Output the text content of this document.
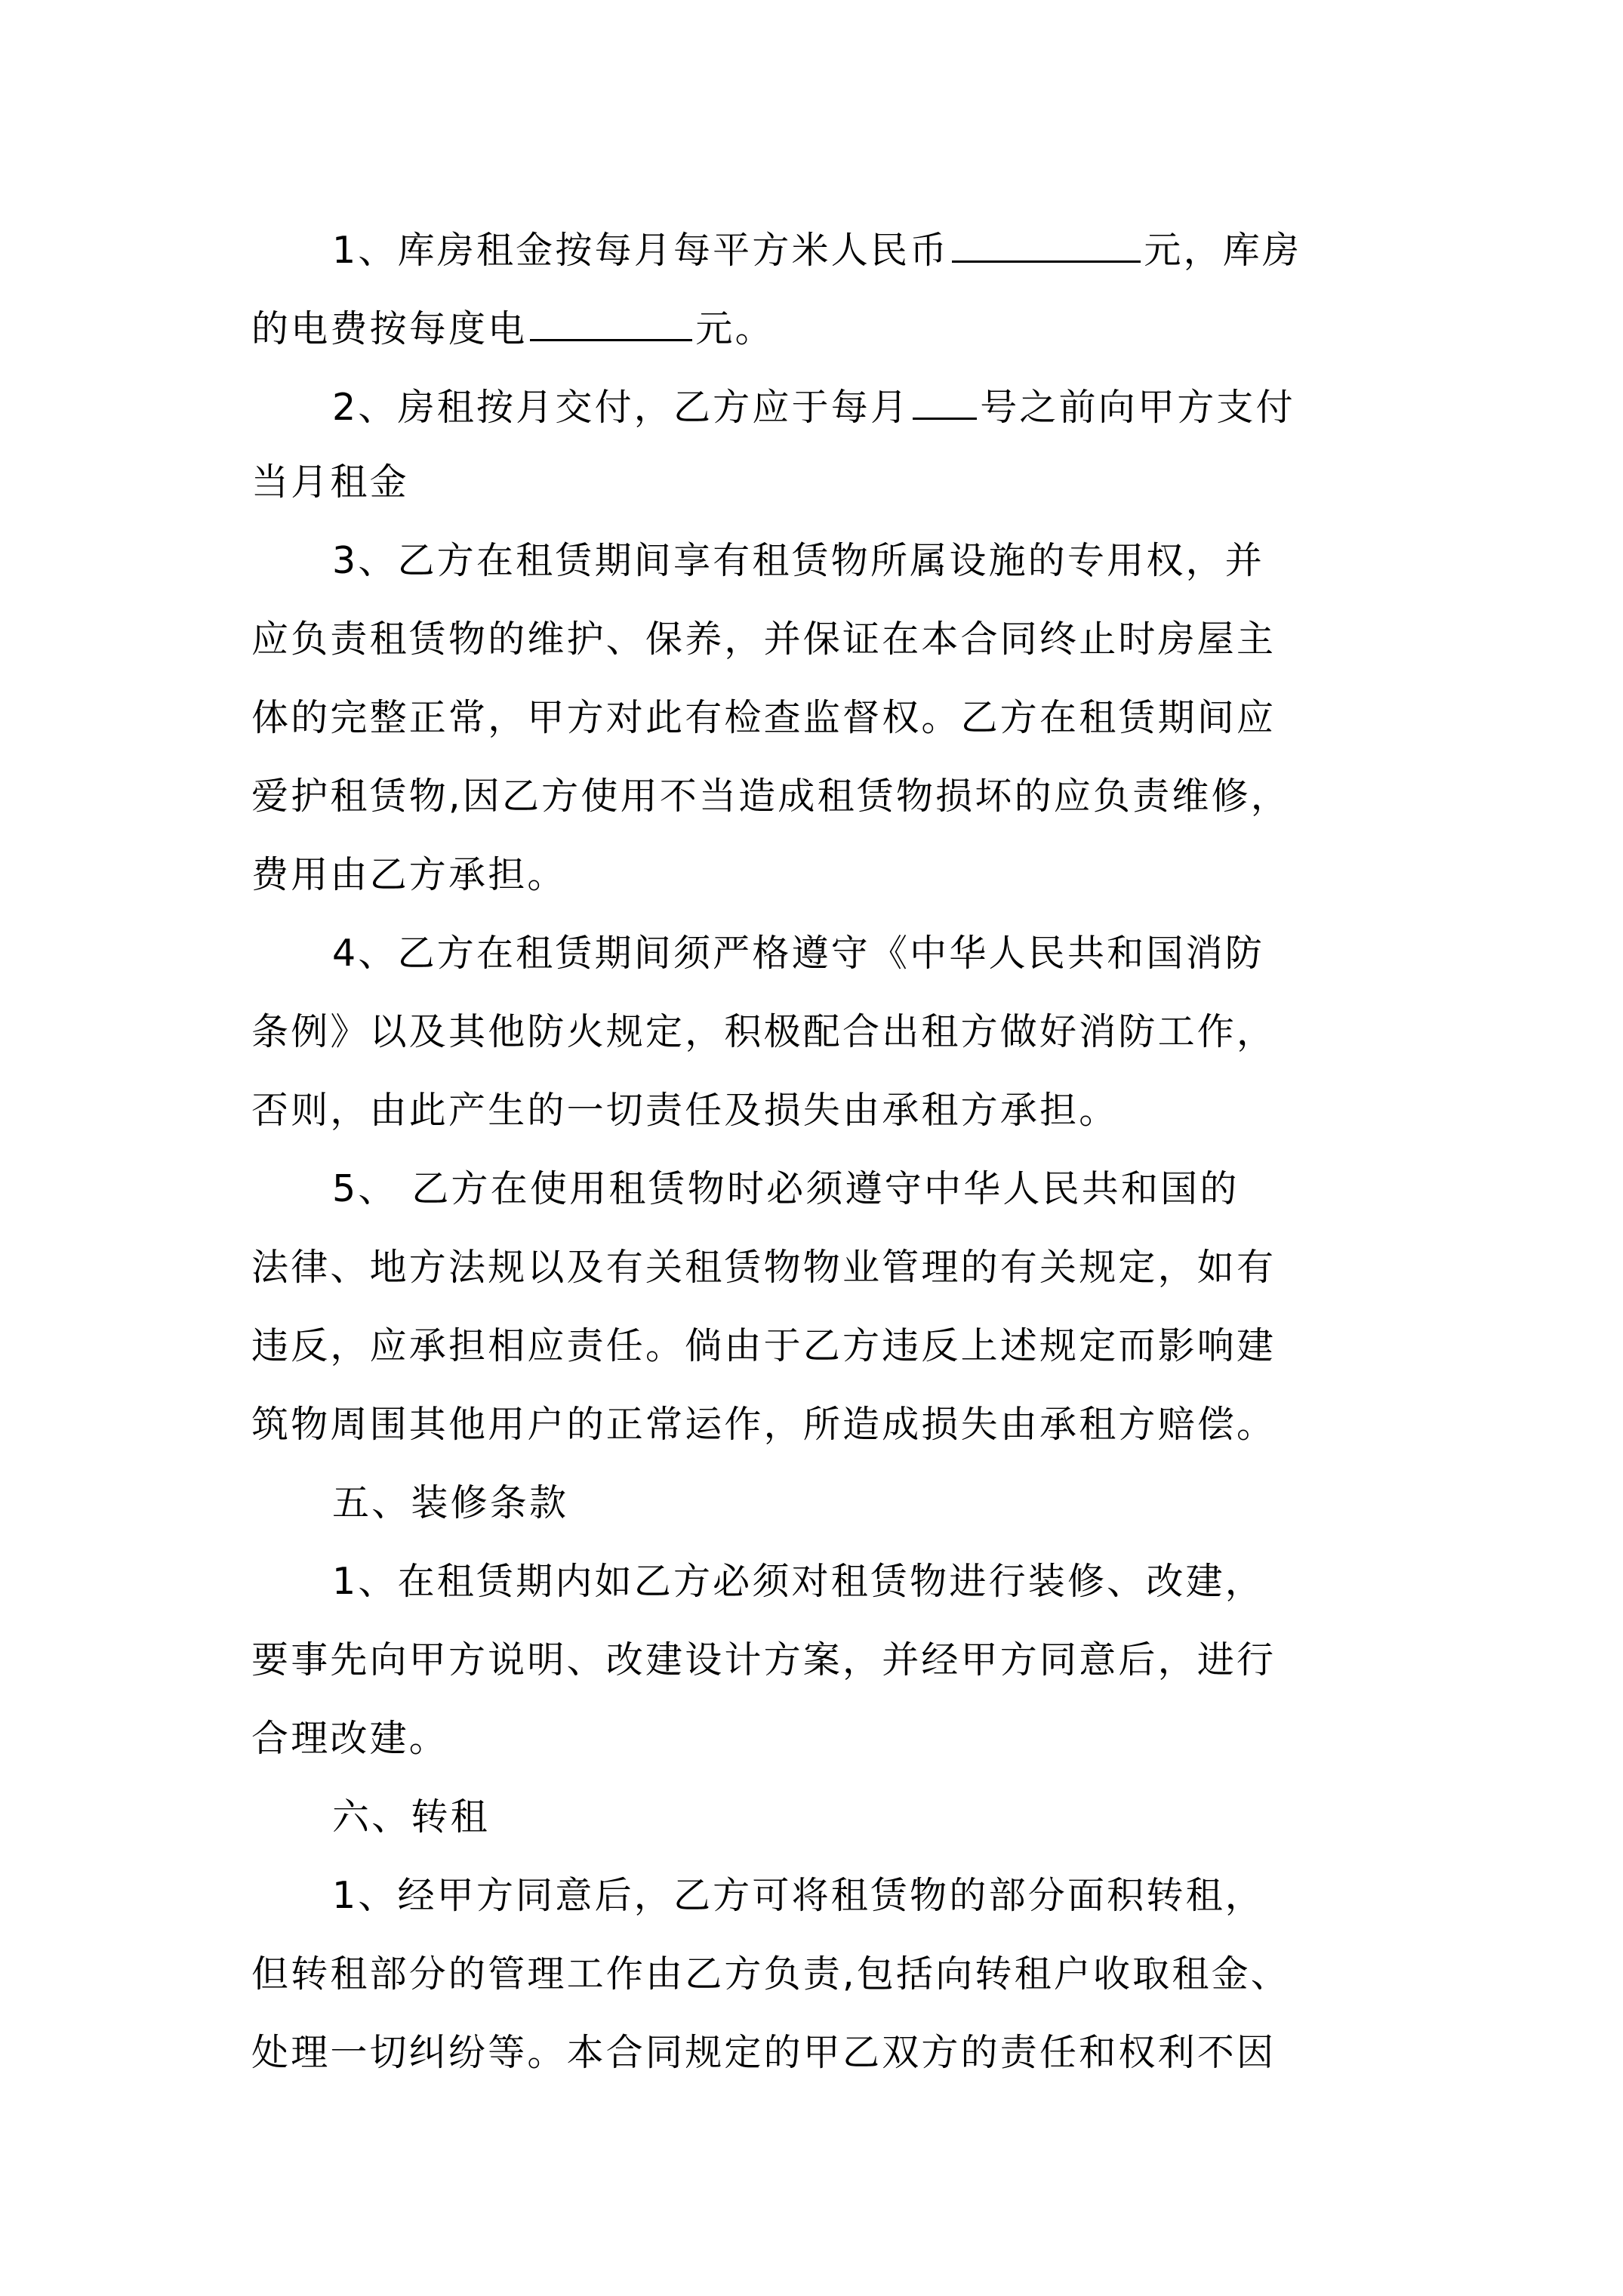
1、库房租金按每月每平方米人民币	元，库房
的电费按每度电	元。
2、房租按月交付，乙方应于每月 号之前向甲方支付
当月租金
3、乙方在租赁期间享有租赁物所属设施的专用权，并
应负责租赁物的维护、保养，并保证在本合同终止时房屋主
体的完整正常，甲方对此有检查监督权。乙方在租赁期间应
爱护租赁物,因乙方使用不当造成租赁物损坏的应负责维修，
费用由乙方承担。
4、乙方在租赁期间须严格遵守《中华人民共和国消防
条例》以及其他防火规定，积极配合出租方做好消防工作，
否则，由此产生的一切责任及损失由承租方承担。
5、 乙方在使用租赁物时必须遵守中华人民共和国的
法律、地方法规以及有关租赁物物业管理的有关规定，如有
违反，应承担相应责任。倘由于乙方违反上述规定而影响建
筑物周围其他用户的正常运作，所造成损失由承租方赔偿。
五、装修条款
1、在租赁期内如乙方必须对租赁物进行装修、改建，
要事先向甲方说明、改建设计方案，并经甲方同意后，进行
合理改建。
六、转租
1、经甲方同意后，乙方可将租赁物的部分面积转租，
但转租部分的管理工作由乙方负责,包括向转租户收取租金、
处理一切纠纷等。本合同规定的甲乙双方的责任和权利不因
